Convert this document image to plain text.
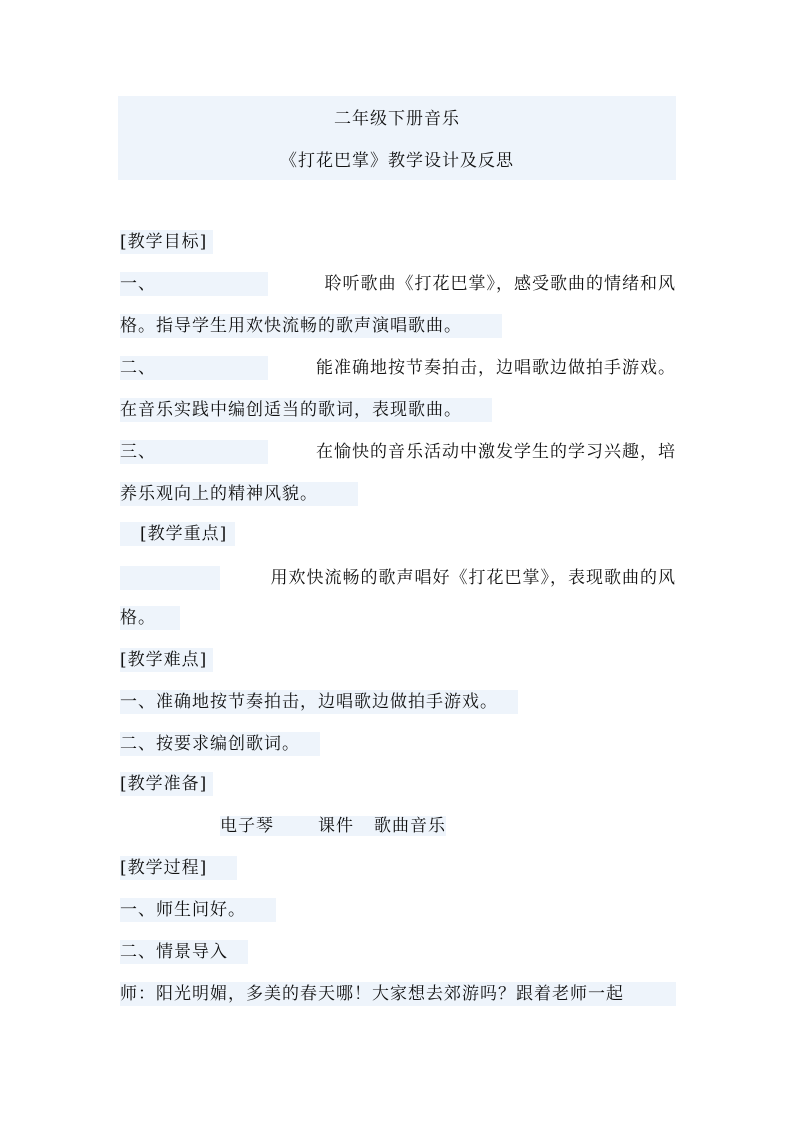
二年级下册音乐
《打花巴掌》教学设计及反思
[教学目标]
一、	聆听歌曲《打花巴掌》，感受歌曲的情绪和风
格。指导学生用欢快流畅的歌声演唱歌曲。
二、	能准确地按节奏拍击，边唱歌边做拍手游戏。
在音乐实践中编创适当的歌词，表现歌曲。
三、	在愉快的音乐活动中激发学生的学习兴趣，培
养乐观向上的精神风貌。
[教学重点]
用欢快流畅的歌声唱好《打花巴掌》，表现歌曲的风
格。
[教学难点]
一、准确地按节奏拍击，边唱歌边做拍手游戏。
二、按要求编创歌词。
[教学准备]
电子琴	课件 歌曲音乐
[教学过程]
一、师生问好。
二、情景导入
师：阳光明媚，多美的春天哪！大家想去郊游吗？跟着老师一起
